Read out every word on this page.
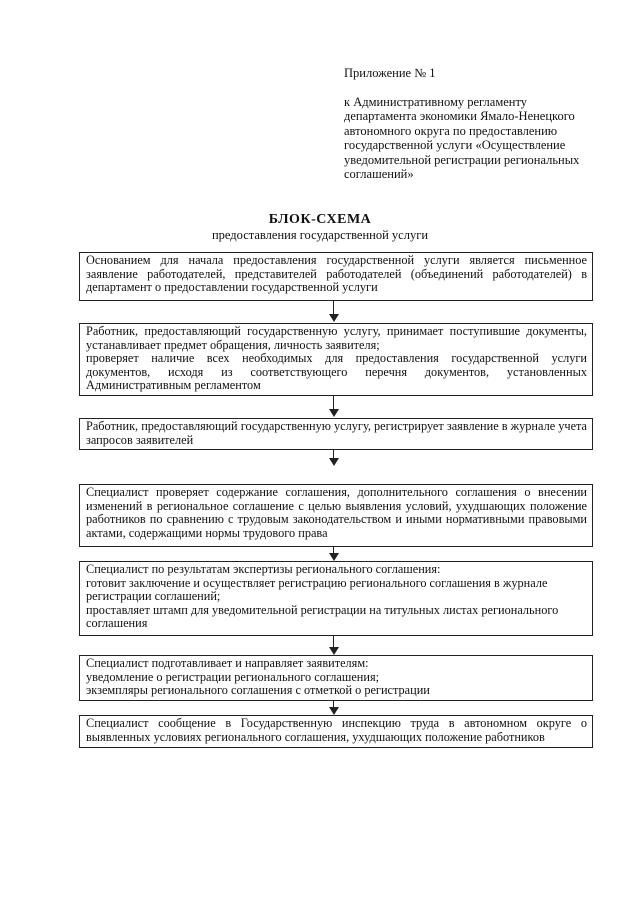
Приложение № 1
к Административному регламенту
департамента экономики Ямало-Ненецкого
автономного округа по предоставлению
государственной услуги «Осуществление
уведомительной регистрации региональных
соглашений»
БЛОК-СХЕМА
предоставления государственной услуги

Основанием для начала предоставления государственной услуги является письменное заявление работодателей, представителей работодателей (объединений работодателей) в департамент о предоставлении государственной услуги

Работник, предоставляющий государственную услугу, принимает поступившие документы, устанавливает предмет обращения, личность заявителя;

проверяет наличие всех необходимых для предоставления государственной услуги документов, исходя из соответствующего перечня документов, установленных Административным регламентом

Работник, предоставляющий государственную услугу, регистрирует заявление в журнале учета запросов заявителей

Специалист проверяет содержание соглашения, дополнительного соглашения о внесении изменений в региональное соглашение с целью выявления условий, ухудшающих положение работников по сравнению с трудовым законодательством и иными нормативными правовыми актами, содержащими нормы трудового права

Специалист по результатам экспертизы регионального соглашения:

готовит заключение и осуществляет регистрацию регионального соглашения в журнале регистрации соглашений;

проставляет штамп для уведомительной регистрации на титульных листах регионального соглашения

Специалист подготавливает и направляет заявителям:

уведомление о регистрации регионального соглашения;

экземпляры регионального соглашения с отметкой о регистрации

Специалист сообщение в Государственную инспекцию труда в автономном округе о выявленных условиях регионального соглашения, ухудшающих положение работников
